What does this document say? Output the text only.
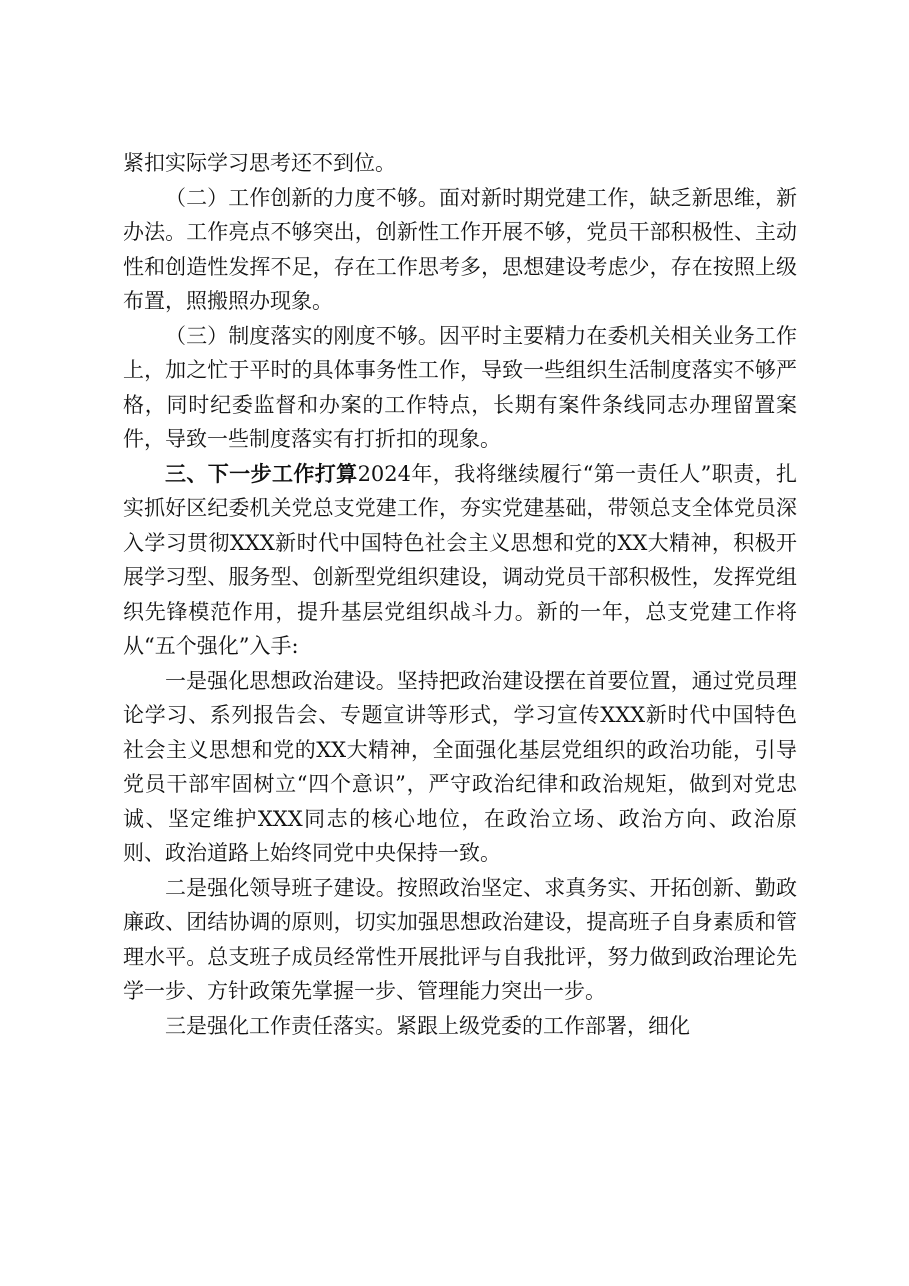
紧扣实际学习思考还不到位。

（二）工作创新的力度不够。面对新时期党建工作，缺乏新思维，新办法。工作亮点不够突出，创新性工作开展不够，党员干部积极性、主动性和创造性发挥不足，存在工作思考多，思想建设考虑少，存在按照上级布置，照搬照办现象。

（三）制度落实的刚度不够。因平时主要精力在委机关相关业务工作上，加之忙于平时的具体事务性工作，导致一些组织生活制度落实不够严格，同时纪委监督和办案的工作特点，长期有案件条线同志办理留置案件，导致一些制度落实有打折扣的现象。

三、下一步工作打算2024年，我将继续履行“第一责任人”职责，扎实抓好区纪委机关党总支党建工作，夯实党建基础，带领总支全体党员深入学习贯彻XXX新时代中国特色社会主义思想和党的XX大精神，积极开展学习型、服务型、创新型党组织建设，调动党员干部积极性，发挥党组织先锋模范作用，提升基层党组织战斗力。新的一年，总支党建工作将从“五个强化”入手:

一是强化思想政治建设。坚持把政治建设摆在首要位置，通过党员理论学习、系列报告会、专题宣讲等形式，学习宣传XXX新时代中国特色社会主义思想和党的XX大精神，全面强化基层党组织的政治功能，引导党员干部牢固树立“四个意识”，严守政治纪律和政治规矩，做到对党忠诚、坚定维护XXX同志的核心地位，在政治立场、政治方向、政治原则、政治道路上始终同党中央保持一致。

二是强化领导班子建设。按照政治坚定、求真务实、开拓创新、勤政廉政、团结协调的原则，切实加强思想政治建设，提高班子自身素质和管理水平。总支班子成员经常性开展批评与自我批评，努力做到政治理论先学一步、方针政策先掌握一步、管理能力突出一步。

三是强化工作责任落实。紧跟上级党委的工作部署，细化
